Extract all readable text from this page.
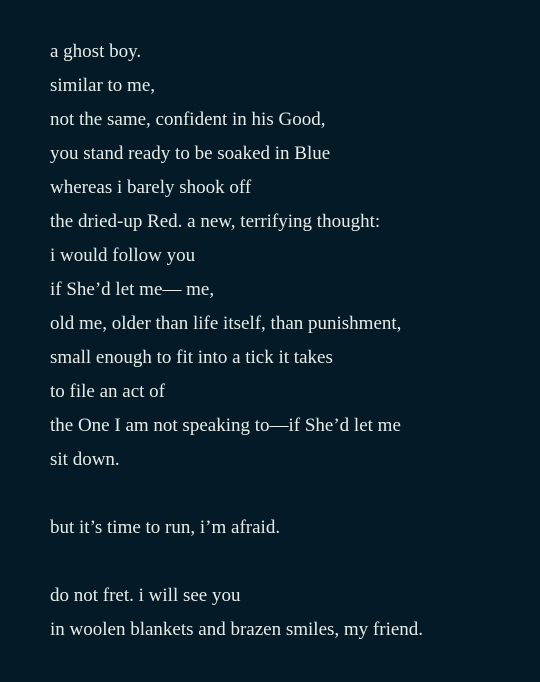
a ghost boy.
similar to me,
not the same, confident in his Good,
you stand ready to be soaked in Blue
whereas i barely shook off
the dried-up Red. a new, terrifying thought:
i would follow you
if She’d let me— me,
old me, older than life itself, than punishment,
small enough to fit into a tick it takes
to file an act of
the One I am not speaking to—if She’d let me
sit down.
but it’s time to run, i’m afraid.
do not fret. i will see you
in woolen blankets and brazen smiles, my friend.
